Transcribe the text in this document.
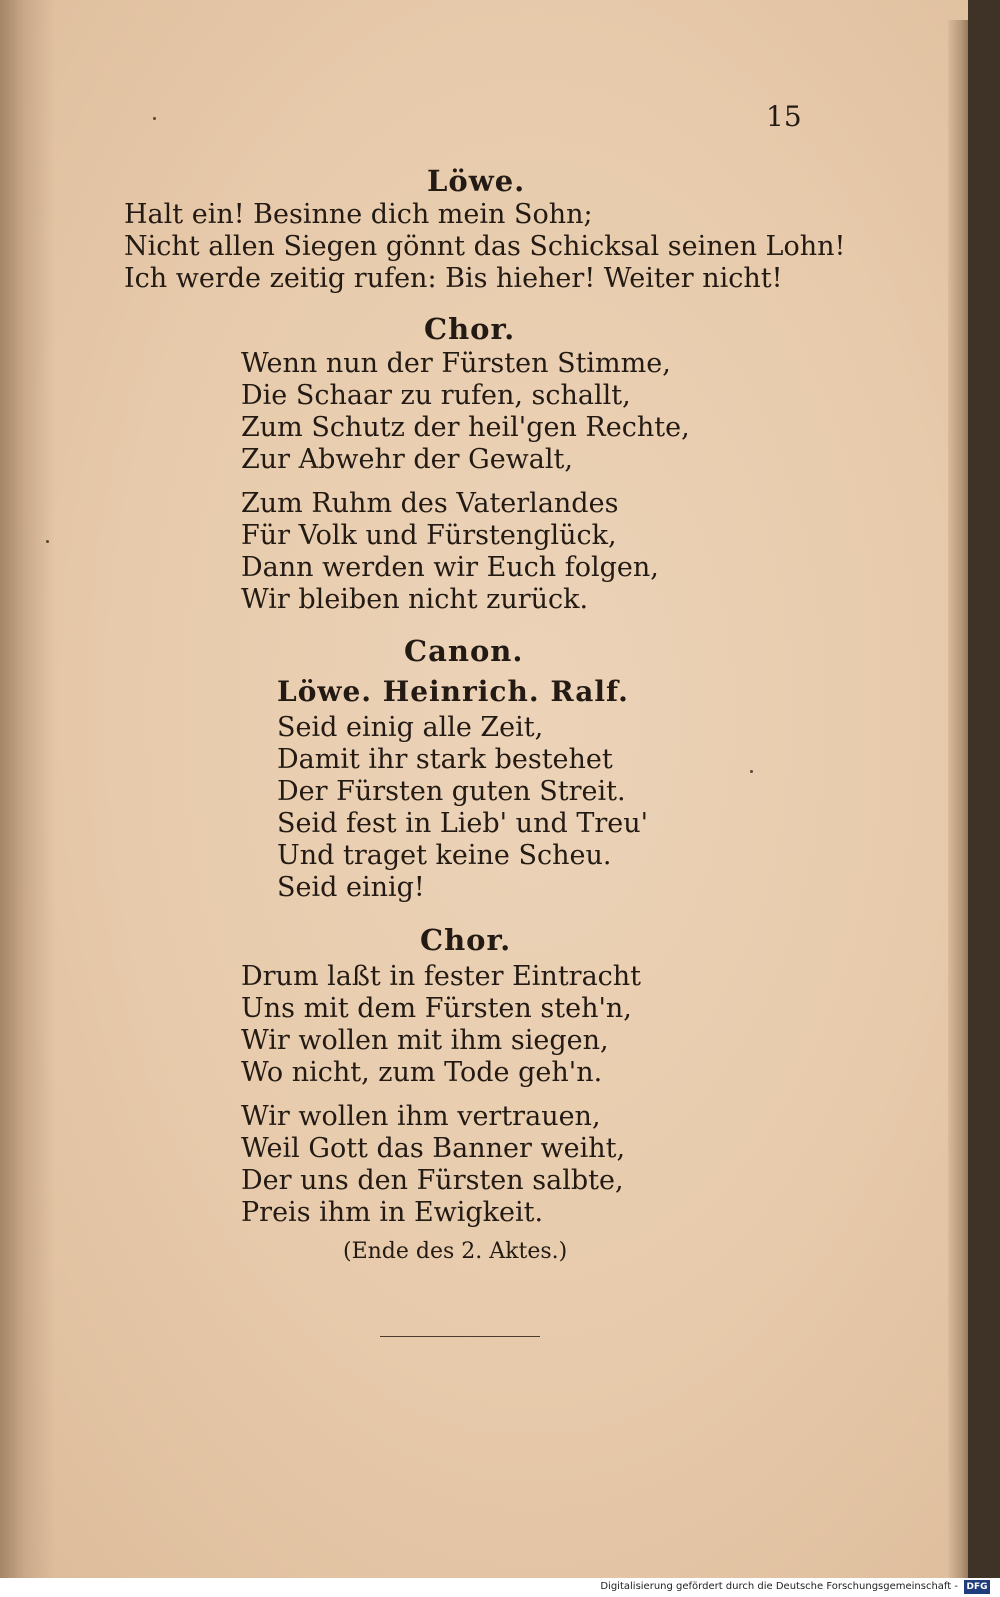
15
Löwe.
Halt ein! Besinne dich mein Sohn;
Nicht allen Siegen gönnt das Schicksal seinen Lohn!
Ich werde zeitig rufen: Bis hieher! Weiter nicht!
Chor.
Wenn nun der Fürsten Stimme,
Die Schaar zu rufen, schallt,
Zum Schutz der heil'gen Rechte,
Zur Abwehr der Gewalt,
Zum Ruhm des Vaterlandes
Für Volk und Fürstenglück,
Dann werden wir Euch folgen,
Wir bleiben nicht zurück.
Canon.
Löwe. Heinrich. Ralf.
Seid einig alle Zeit,
Damit ihr stark bestehet
Der Fürsten guten Streit.
Seid fest in Lieb' und Treu'
Und traget keine Scheu.
Seid einig!
Chor.
Drum laßt in fester Eintracht
Uns mit dem Fürsten steh'n,
Wir wollen mit ihm siegen,
Wo nicht, zum Tode geh'n.
Wir wollen ihm vertrauen,
Weil Gott das Banner weiht,
Der uns den Fürsten salbte,
Preis ihm in Ewigkeit.
(Ende des 2. Aktes.)
Digitalisierung gefördert durch die Deutsche Forschungsgemeinschaft - DFG
